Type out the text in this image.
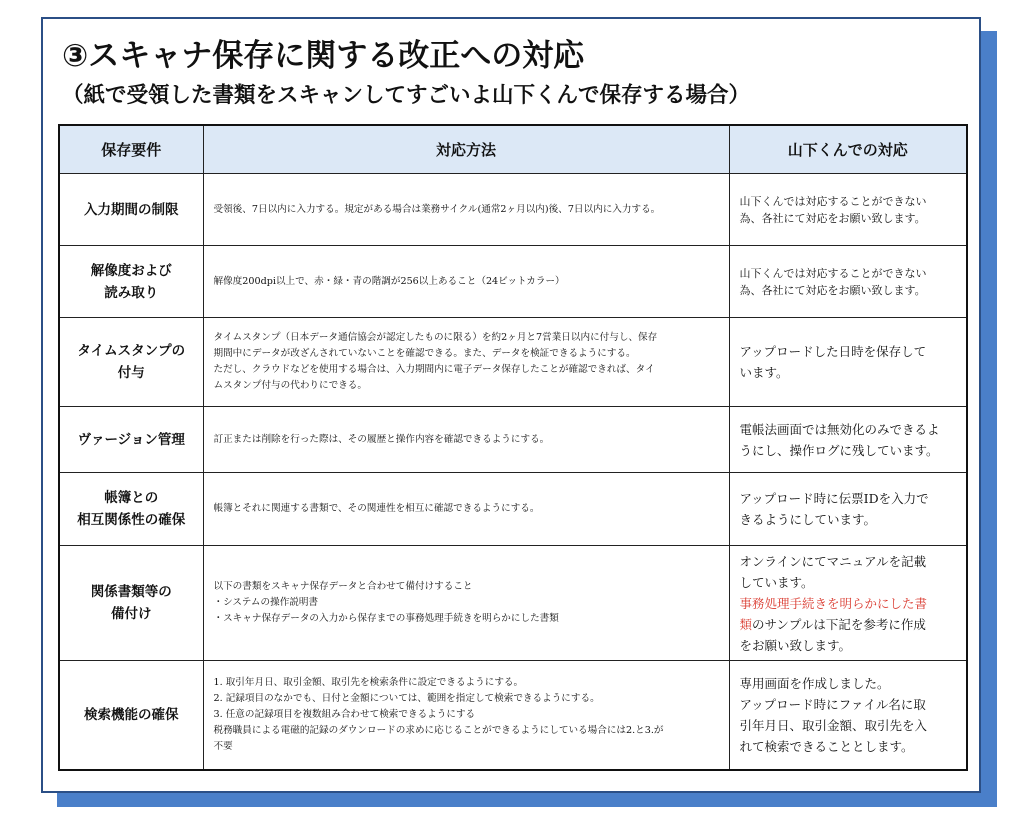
③スキャナ保存に関する改正への対応
（紙で受領した書類をスキャンしてすごいよ山下くんで保存する場合）
保存要件	対応方法	山下くんでの対応

入力期間の制限	受領後、7日以内に入力する。規定がある場合は業務サイクル(通常2ヶ月以内)後、7日以内に入力する。	山下くんでは対応することができない
為、各社にて対応をお願い致します。

解像度および
読み取り	解像度200dpi以上で、赤・緑・青の階調が256以上あること（24ビットカラー）	山下くんでは対応することができない
為、各社にて対応をお願い致します。

タイムスタンプの
付与	タイムスタンプ（日本データ通信協会が認定したものに限る）を約2ヶ月と7営業日以内に付与し、保存
期間中にデータが改ざんされていないことを確認できる。また、データを検証できるようにする。
ただし、クラウドなどを使用する場合は、入力期間内に電子データ保存したことが確認できれば、タイ
ムスタンプ付与の代わりにできる。	アップロードした日時を保存して
います。

ヴァージョン管理	訂正または削除を行った際は、その履歴と操作内容を確認できるようにする。	電帳法画面では無効化のみできるよ
うにし、操作ログに残しています。

帳簿との
相互関係性の確保	帳簿とそれに関連する書類で、その関連性を相互に確認できるようにする。	アップロード時に伝票IDを入力で
きるようにしています。

関係書類等の
備付け	以下の書類をスキャナ保存データと合わせて備付けすること
・システムの操作説明書
・スキャナ保存データの入力から保存までの事務処理手続きを明らかにした書類	オンラインにてマニュアルを記載
しています。
事務処理手続きを明らかにした書
類のサンプルは下記を参考に作成
をお願い致します。

検索機能の確保	1. 取引年月日、取引金額、取引先を検索条件に設定できるようにする。
2. 記録項目のなかでも、日付と金額については、範囲を指定して検索できるようにする。
3. 任意の記録項目を複数組み合わせて検索できるようにする
税務職員による電磁的記録のダウンロードの求めに応じることができるようにしている場合には2.と3.が
不要	専用画面を作成しました。
アップロード時にファイル名に取
引年月日、取引金額、取引先を入
れて検索できることとします。
